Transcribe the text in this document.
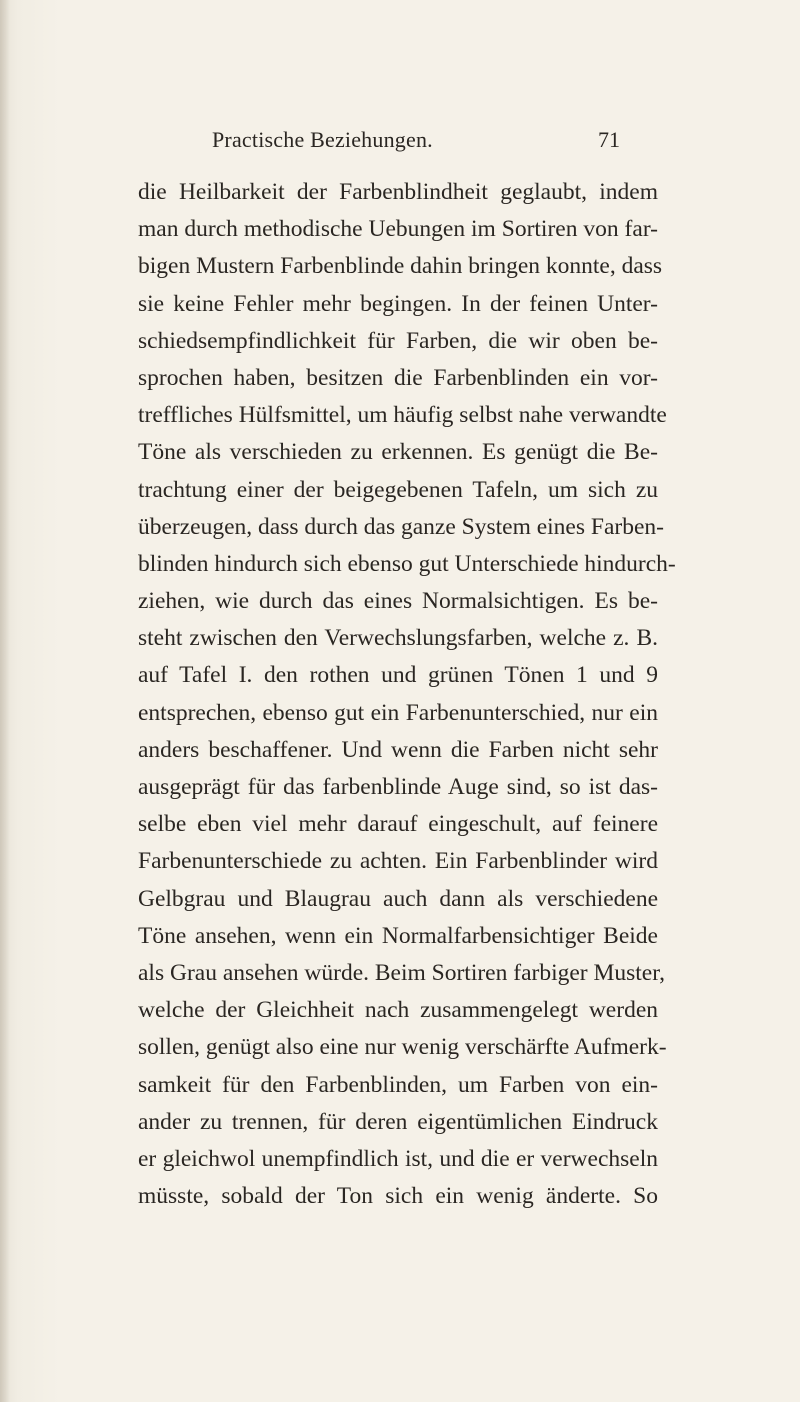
Practische Beziehungen.	71
die Heilbarkeit der Farbenblindheit geglaubt, indem
man durch methodische Uebungen im Sortiren von far-
bigen Mustern Farbenblinde dahin bringen konnte, dass
sie keine Fehler mehr begingen. In der feinen Unter-
schiedsempfindlichkeit für Farben, die wir oben be-
sprochen haben, besitzen die Farbenblinden ein vor-
treffliches Hülfsmittel, um häufig selbst nahe verwandte
Töne als verschieden zu erkennen. Es genügt die Be-
trachtung einer der beigegebenen Tafeln, um sich zu
überzeugen, dass durch das ganze System eines Farben-
blinden hindurch sich ebenso gut Unterschiede hindurch-
ziehen, wie durch das eines Normalsichtigen. Es be-
steht zwischen den Verwechslungsfarben, welche z. B.
auf Tafel I. den rothen und grünen Tönen 1 und 9
entsprechen, ebenso gut ein Farbenunterschied, nur ein
anders beschaffener. Und wenn die Farben nicht sehr
ausgeprägt für das farbenblinde Auge sind, so ist das-
selbe eben viel mehr darauf eingeschult, auf feinere
Farbenunterschiede zu achten. Ein Farbenblinder wird
Gelbgrau und Blaugrau auch dann als verschiedene
Töne ansehen, wenn ein Normalfarbensichtiger Beide
als Grau ansehen würde. Beim Sortiren farbiger Muster,
welche der Gleichheit nach zusammengelegt werden
sollen, genügt also eine nur wenig verschärfte Aufmerk-
samkeit für den Farbenblinden, um Farben von ein-
ander zu trennen, für deren eigentümlichen Eindruck
er gleichwol unempfindlich ist, und die er verwechseln
müsste, sobald der Ton sich ein wenig änderte. So
